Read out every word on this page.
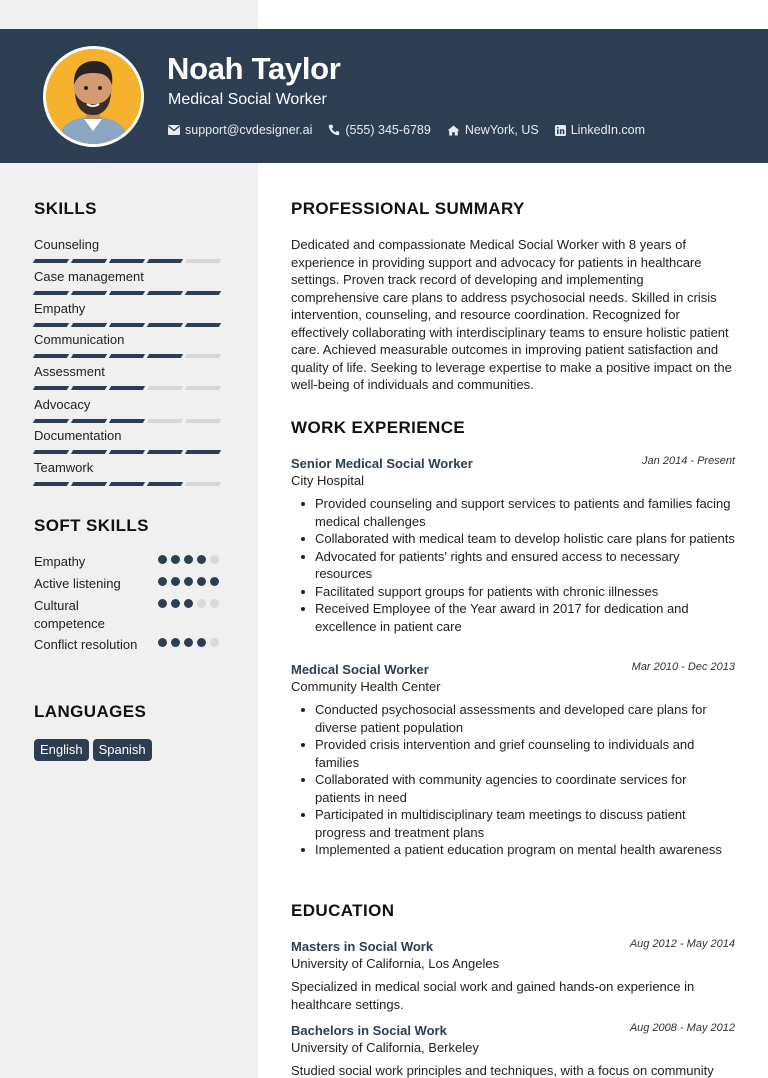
Noah Taylor
Medical Social Worker
support@cvdesigner.ai	(555) 345-6789	NewYork, US	LinkedIn.com
SKILLS
Counseling
Case management
Empathy
Communication
Assessment
Advocacy
Documentation
Teamwork
SOFT SKILLS
Empathy
Active listening
Cultural competence
Conflict resolution
LANGUAGES
English	Spanish
PROFESSIONAL SUMMARY
Dedicated and compassionate Medical Social Worker with 8 years of experience in providing support and advocacy for patients in healthcare settings. Proven track record of developing and implementing comprehensive care plans to address psychosocial needs. Skilled in crisis intervention, counseling, and resource coordination. Recognized for effectively collaborating with interdisciplinary teams to ensure holistic patient care. Achieved measurable outcomes in improving patient satisfaction and quality of life. Seeking to leverage expertise to make a positive impact on the well-being of individuals and communities.
WORK EXPERIENCE
Senior Medical Social Worker	Jan 2014 - Present
City Hospital
Provided counseling and support services to patients and families facing medical challenges
Collaborated with medical team to develop holistic care plans for patients
Advocated for patients' rights and ensured access to necessary resources
Facilitated support groups for patients with chronic illnesses
Received Employee of the Year award in 2017 for dedication and excellence in patient care
Medical Social Worker	Mar 2010 - Dec 2013
Community Health Center
Conducted psychosocial assessments and developed care plans for diverse patient population
Provided crisis intervention and grief counseling to individuals and families
Collaborated with community agencies to coordinate services for patients in need
Participated in multidisciplinary team meetings to discuss patient progress and treatment plans
Implemented a patient education program on mental health awareness
EDUCATION
Masters in Social Work	Aug 2012 - May 2014
University of California, Los Angeles
Specialized in medical social work and gained hands-on experience in healthcare settings.
Bachelors in Social Work	Aug 2008 - May 2012
University of California, Berkeley
Studied social work principles and techniques, with a focus on community
